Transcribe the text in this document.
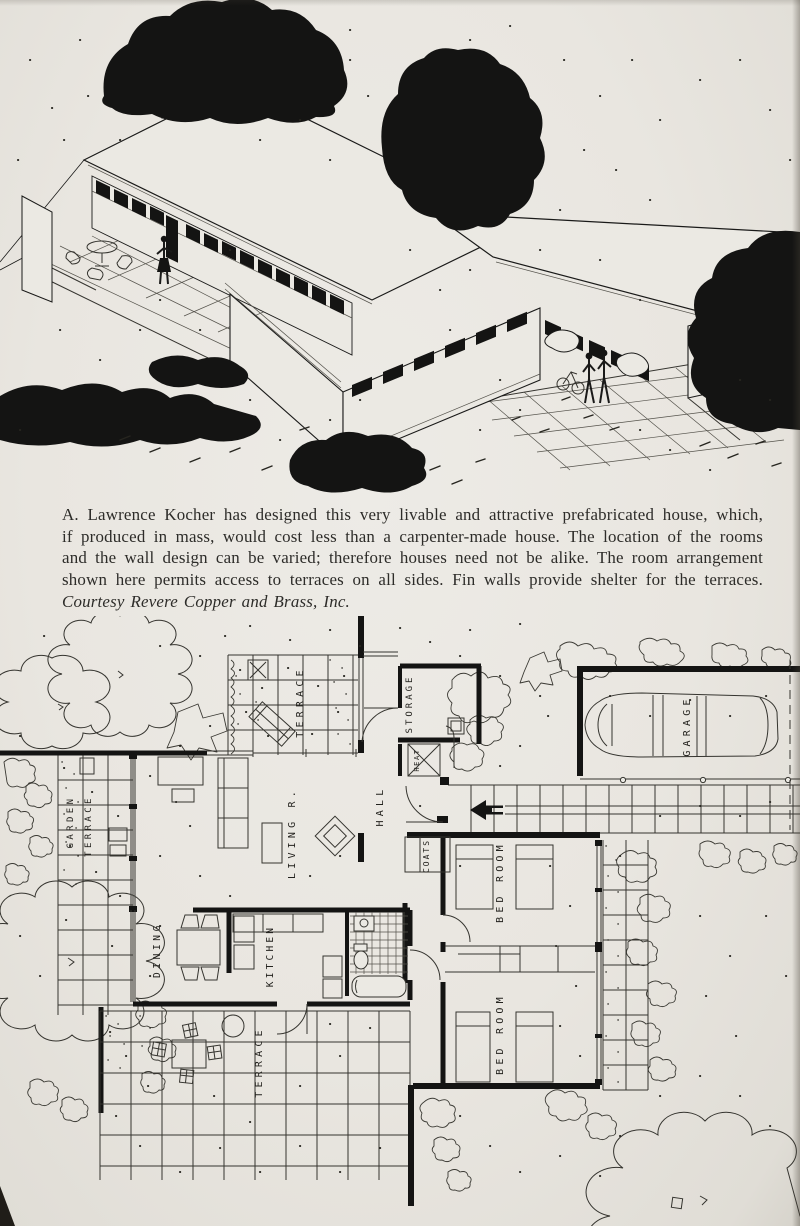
A. Lawrence Kocher has designed this very livable and attractive prefabricated house, which,
if produced in mass, would cost less than a carpenter-made house. The location of the rooms
and the wall design can be varied; therefore houses need not be alike. The room arrangement
shown here permits access to terraces on all sides. Fin walls provide shelter for the terraces.
Courtesy Revere Copper and Brass, Inc.
TERRACE
GARDEN TERRACE	LIVING R.
STORAGE
HEAT
HALL
GARAGE
COATS	BED ROOM
BED ROOM
DINING	KITCHEN
TERRACE
